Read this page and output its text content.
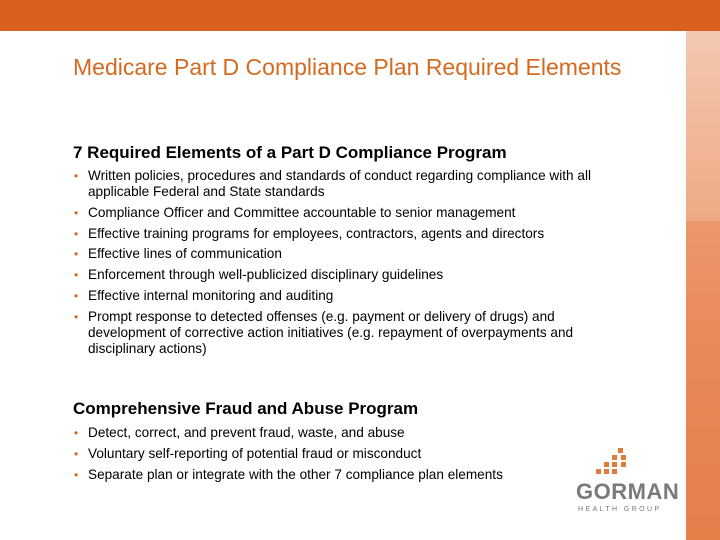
Medicare Part D Compliance Plan Required Elements
7 Required Elements of a Part D Compliance Program
• Written policies, procedures and standards of conduct regarding compliance with all applicable Federal and State standards
• Compliance Officer and Committee accountable to senior management
• Effective training programs for employees, contractors, agents and directors
• Effective lines of communication
• Enforcement through well-publicized disciplinary guidelines
• Effective internal monitoring and auditing
• Prompt response to detected offenses (e.g. payment or delivery of drugs) and development of corrective action initiatives (e.g. repayment of overpayments and disciplinary actions)
Comprehensive Fraud and Abuse Program
• Detect, correct, and prevent fraud, waste, and abuse
• Voluntary self-reporting of potential fraud or misconduct
• Separate plan or integrate with the other 7 compliance plan elements
GORMAN
HEALTH GROUP
